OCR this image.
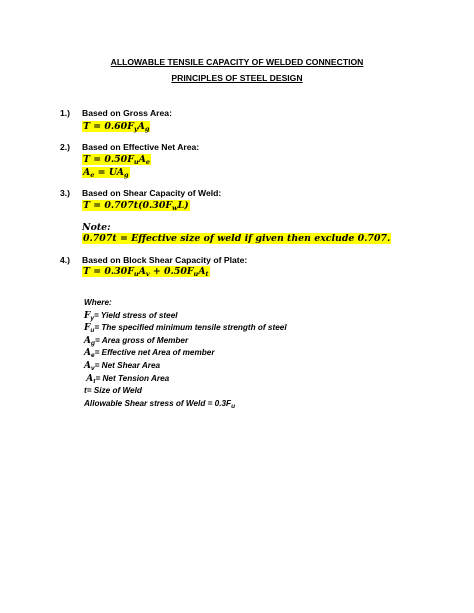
ALLOWABLE TENSILE CAPACITY OF WELDED CONNECTION
PRINCIPLES OF STEEL DESIGN
1.) Based on Gross Area:
$T = 0.60F_yA_g$
2.) Based on Effective Net Area:
$T = 0.50F_uA_e$
$A_e = UA_g$
3.) Based on Shear Capacity of Weld:
$T = 0.707t(0.30F_wL)$
Note:
0.707t = Effective size of weld if given then exclude 0.707.
4.) Based on Block Shear Capacity of Plate:
$T = 0.30F_uA_v + 0.50F_uA_t$
Where:
$F_y=$ Yield stress of steel
$F_u=$ The specified minimum tensile strength of steel
$A_g=$ Area gross of Member
$A_e=$ Effective net Area of member
$A_v=$ Net Shear Area
$A_t=$ Net Tension Area
t= Size of Weld
Allowable Shear stress of Weld = $0.3F_u$
